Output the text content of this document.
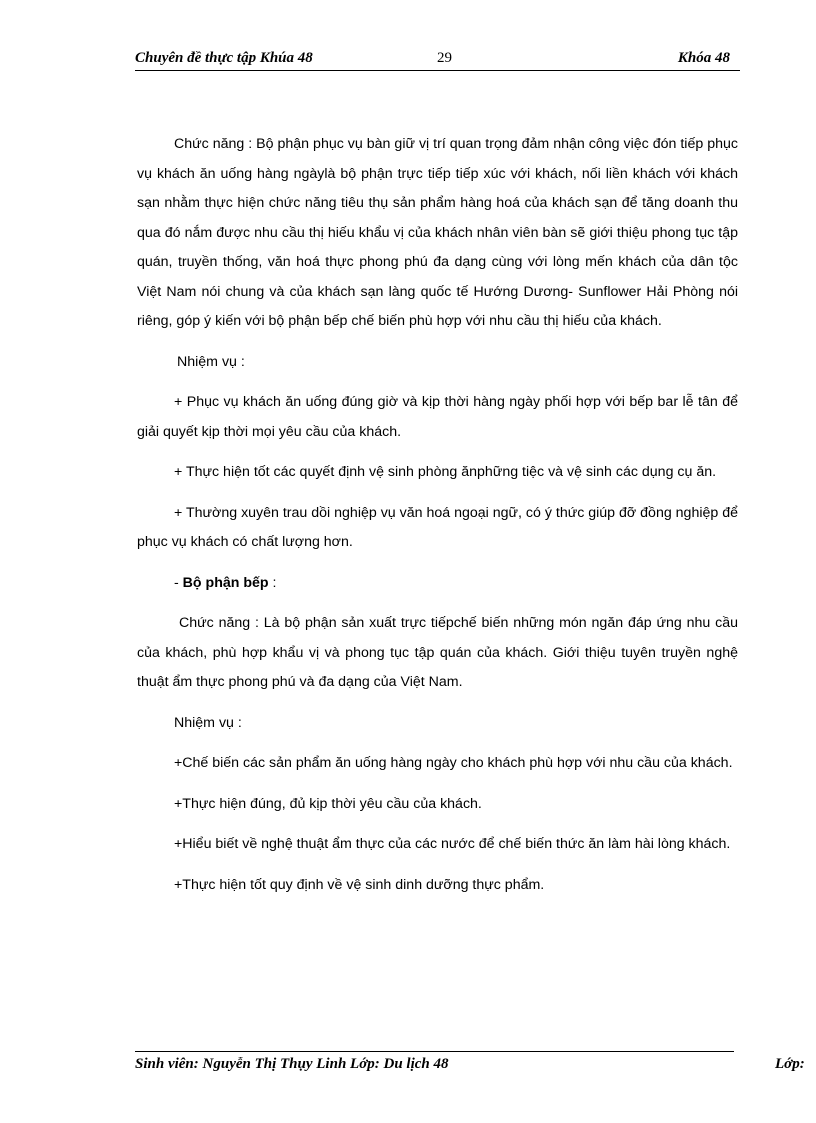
Chuyên đề thực tập Khúa 48	29	Khóa 48

Chức năng : Bộ phận phục vụ bàn giữ vị trí quan trọng đảm nhận công việc đón tiếp phục vụ khách ăn uống hàng ngàylà bộ phận trực tiếp tiếp xúc với khách, nối liền khách với khách sạn nhằm thực hiện chức năng tiêu thụ sản phẩm hàng hoá của khách sạn để tăng doanh thu qua đó nắm được nhu cầu thị hiếu khẩu vị của khách nhân viên bàn sẽ giới thiệu phong tục tập quán, truyền thống, văn hoá thực phong phú đa dạng cùng với lòng mến khách của dân tộc Việt Nam nói chung và của khách sạn làng quốc tế Hướng Dương- Sunflower Hải Phòng nói riêng, góp ý kiến với bộ phận bếp chế biến phù hợp với nhu cầu thị hiếu của khách.

Nhiệm vụ :

+ Phục vụ khách ăn uống đúng giờ và kịp thời hàng ngày phối hợp với bếp bar lễ tân để giải quyết kịp thời mọi yêu cầu của khách.

+ Thực hiện tốt các quyết định vệ sinh phòng ănphững tiệc và vệ sinh các dụng cụ ăn.

+ Thường xuyên trau dồi nghiệp vụ văn hoá ngoại ngữ, có ý thức giúp đỡ đồng nghiệp để phục vụ khách có chất lượng hơn.

- Bộ phận bếp :

Chức năng : Là bộ phận sản xuất trực tiếpchế biến những món ngăn đáp ứng nhu cầu của khách, phù hợp khẩu vị và phong tục tập quán của khách. Giới thiệu tuyên truyền nghệ thuật ẩm thực phong phú và đa dạng của Việt Nam.

Nhiệm vụ :

+Chế biến các sản phẩm ăn uống hàng ngày cho khách phù hợp với nhu cầu của khách.

+Thực hiện đúng, đủ kịp thời yêu cầu của khách.

+Hiểu biết về nghệ thuật ẩm thực của các nước để chế biến thức ăn làm hài lòng khách.

+Thực hiện tốt quy định về vệ sinh dinh dưỡng thực phẩm.

Sinh viên: Nguyễn Thị Thụy Linh Lớp: Du lịch 48	Lớp:
